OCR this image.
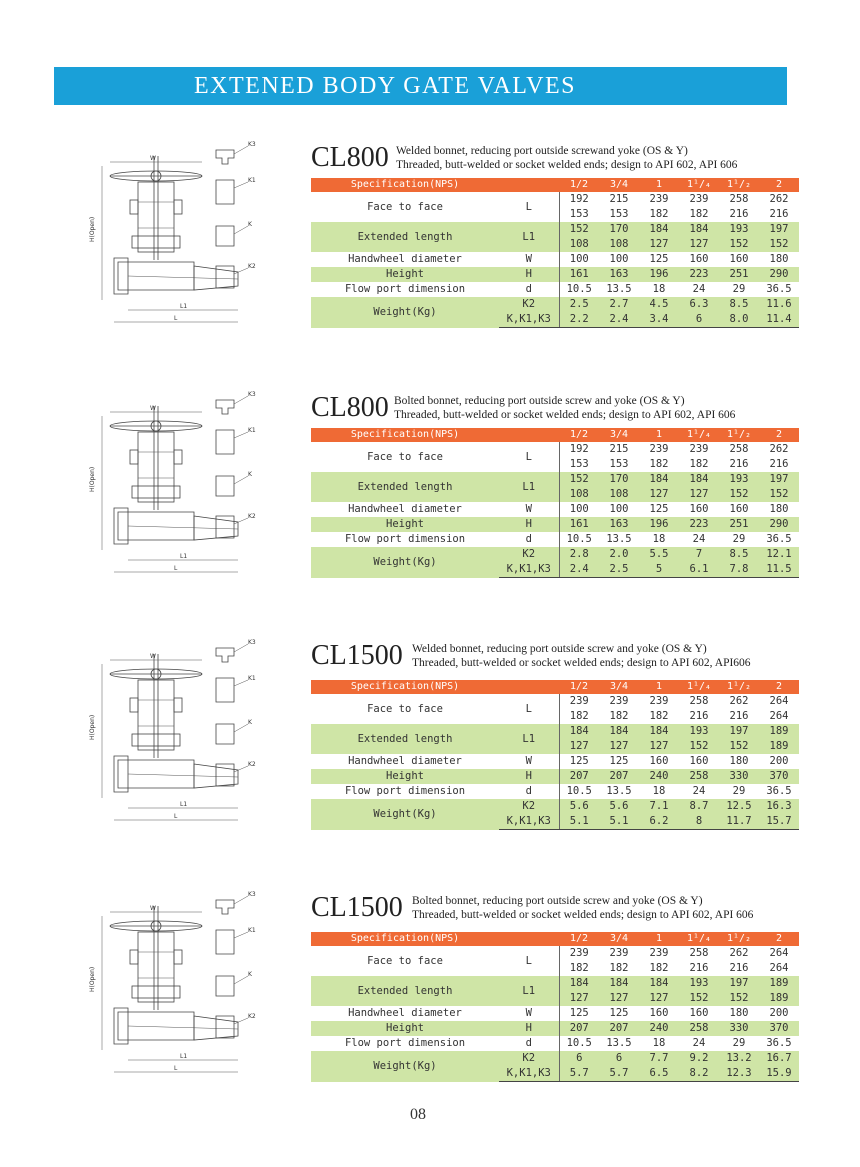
EXTENED BODY GATE VALVES
W
H(Open)
L1
L
K3
K1
K
K2
W
H(Open)
L1
L
K3
K1
K
K2
W
H(Open)
L1
L
K3
K1
K
K2
W
H(Open)
L1
L
K3
K1
K
K2
08
CL800 Welded bonnet, reducing port outside screwand yoke (OS & Y)
Threaded, butt-welded or socket welded ends; design to API 602, API 606
Specification(NPS)		1/2	3/4	1	1¹/₄	1¹/₂	2
Face to face	L	192	215	239	239	258	262
		153	153	182	182	216	216
Extended length	L1	152	170	184	184	193	197
		108	108	127	127	152	152
Handwheel diameter	W	100	100	125	160	160	180
Height	H	161	163	196	223	251	290
Flow port dimension	d	10.5	13.5	18	24	29	36.5
Weight(Kg)	K2	2.5	2.7	4.5	6.3	8.5	11.6
	K,K1,K3	2.2	2.4	3.4	6	8.0	11.4
CL800 Bolted bonnet, reducing port outside screw and yoke (OS & Y)
Threaded, butt-welded or socket welded ends; design to API 602, API 606
Specification(NPS)		1/2	3/4	1	1¹/₄	1¹/₂	2
Face to face	L	192	215	239	239	258	262
		153	153	182	182	216	216
Extended length	L1	152	170	184	184	193	197
		108	108	127	127	152	152
Handwheel diameter	W	100	100	125	160	160	180
Height	H	161	163	196	223	251	290
Flow port dimension	d	10.5	13.5	18	24	29	36.5
Weight(Kg)	K2	2.8	2.0	5.5	7	8.5	12.1
	K,K1,K3	2.4	2.5	5	6.1	7.8	11.5
CL1500 Welded bonnet, reducing port outside screw and yoke (OS & Y)
Threaded, butt-welded or socket welded ends; design to API 602, API606
Specification(NPS)		1/2	3/4	1	1¹/₄	1¹/₂	2
Face to face	L	239	239	239	258	262	264
		182	182	182	216	216	264
Extended length	L1	184	184	184	193	197	189
		127	127	127	152	152	189
Handwheel diameter	W	125	125	160	160	180	200
Height	H	207	207	240	258	330	370
Flow port dimension	d	10.5	13.5	18	24	29	36.5
Weight(Kg)	K2	5.6	5.6	7.1	8.7	12.5	16.3
	K,K1,K3	5.1	5.1	6.2	8	11.7	15.7
CL1500 Bolted bonnet, reducing port outside screw and yoke (OS & Y)
Threaded, butt-welded or socket welded ends; design to API 602, API 606
Specification(NPS)		1/2	3/4	1	1¹/₄	1¹/₂	2
Face to face	L	239	239	239	258	262	264
		182	182	182	216	216	264
Extended length	L1	184	184	184	193	197	189
		127	127	127	152	152	189
Handwheel diameter	W	125	125	160	160	180	200
Height	H	207	207	240	258	330	370
Flow port dimension	d	10.5	13.5	18	24	29	36.5
Weight(Kg)	K2	6	6	7.7	9.2	13.2	16.7
	K,K1,K3	5.7	5.7	6.5	8.2	12.3	15.9
